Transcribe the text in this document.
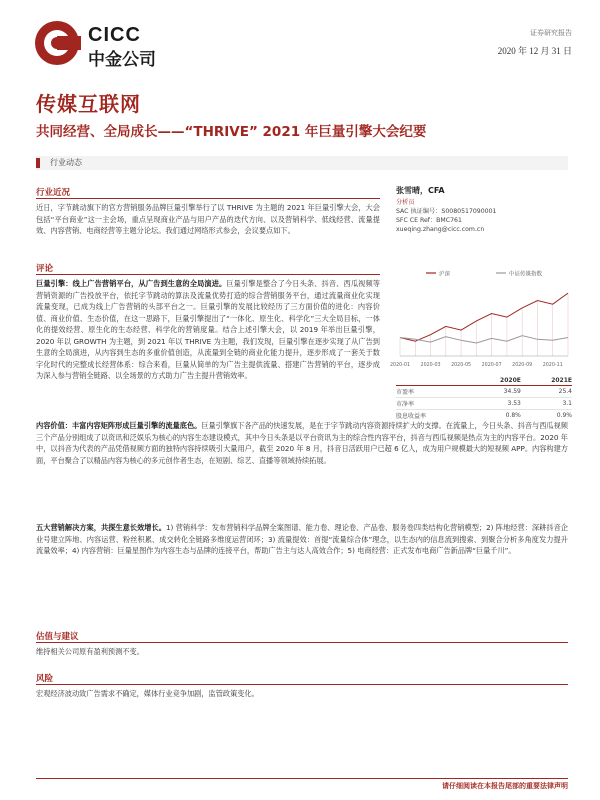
CICC
中金公司
证券研究报告
2020 年 12 月 31 日
传媒互联网
共同经营、全局成长——“THRIVE” 2021 年巨量引擎大会纪要
行业动态
行业近况
近日，字节跳动旗下的官方营销服务品牌巨量引擎举行了以 THRIVE 为主题的 2021 年巨量引擎大会，大会包括“平台商业”这一主会场，重点呈现商业产品与用户产品的迭代方向、以及营销科学、低线经营、流量提效、内容营销、电商经营等主题分论坛。我们通过网络形式参会，会议要点如下。
评论
巨量引擎：线上广告营销平台，从广告到生意的全局演进。巨量引擎是整合了今日头条、抖音、西瓜视频等营销资源的广告投放平台，依托字节跳动的算法及流量优势打造的综合营销服务平台，通过流量商业化实现流量变现，已成为线上广告营销的头部平台之一。巨量引擎的发展比较经历了三方面价值的进化：内容价值、商业价值、生态价值，在这一思路下，巨量引擎提出了“一体化、原生化、科学化”三大全局目标，一体化的提效经营、原生化的生态经营、科学化的营销度量。结合上述引擎大会，以 2019 年举出巨量引擎，2020 年以 GROWTH 为主题，到 2021 年以 THRIVE 为主题，我们发现，巨量引擎在逐步实现了从广告到生意的全局演进，从内容到生态的多重价值创造，从流量到全链的商业化能力提升，逐步形成了一套关于数字化时代的完整成长经营体系：综合来看，巨量从简单的为广告主提供流量、搭建广告营销的平台，逐步成为深入参与营销全链路、以全场景的方式助力广告主提升营销效率。
内容价值：丰富内容矩阵形成巨量引擎的流量底色。巨量引擎旗下各产品的快速发展，是在于字节跳动内容资源持续扩大的支撑。在流量上，今日头条、抖音与西瓜视频三个产品分别组成了以资讯和泛娱乐为核心的内容生态建设模式，其中今日头条是以平台资讯为主的综合性内容平台，抖音与西瓜视频是热点为主的内容平台。2020 年中，以抖音为代表的产品凭借视频方面的独特内容持续吸引大量用户，截至 2020 年 8 月，抖音日活跃用户已超 6 亿人，成为用户规模最大的短视频 APP。内容构建方面，平台聚合了以精品内容为核心的多元创作者生态，在短剧、综艺、直播等领域持续拓展。
五大营销解决方案，共探生意长效增长。1) 营销科学：发布营销科学品牌全案图谱、能力卷、理论卷、产品卷、服务卷四类结构化营销模型；2) 阵地经营：深耕抖音企业号建立阵地、内容运营、粉丝积累、成交转化全链路多维度运营闭环；3) 流量提效：首提“流量综合体”理念，以生态内的信息流到搜索、到聚合分析多角度发力提升流量效率；4) 内容营销：巨量星图作为内容生态与品牌的连接平台，帮助广告主与达人高效合作；5) 电商经营：正式发布电商广告新品牌“巨量千川”。
估值与建议
维持相关公司原有盈利预测不变。
风险
宏观经济波动致广告需求不确定，媒体行业竞争加剧，监管政策变化。
张雪晴，CFA
分析员
SAC 执证编号：S0080517090001
SFC CE Ref：BMC761
xueqing.zhang@cicc.com.cn
沪深	中证传媒指数
2020-01 2020-03 2020-05 2020-07 2020-09 2020-11
	2020E	2021E
市盈率	34.59	25.4
市净率	3.53	3.1
股息收益率	0.8%	0.9%
请仔细阅读在本报告尾部的重要法律声明
